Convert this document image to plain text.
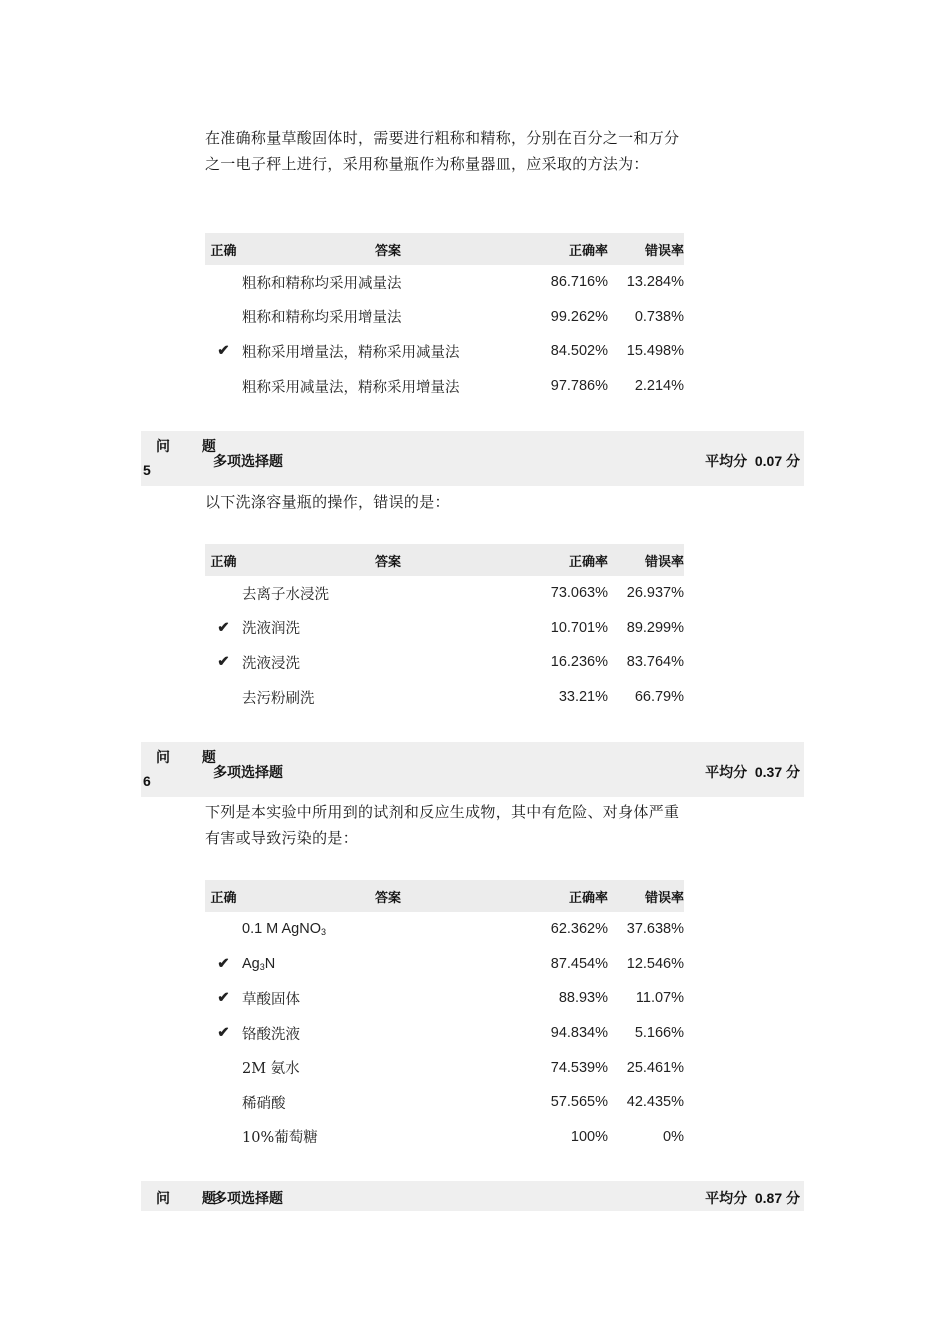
在准确称量草酸固体时，需要进行粗称和精称，分别在百分之一和万分之一电子秤上进行，采用称量瓶作为称量器皿，应采取的方法为：
正确	答案	正确率	错误率
	粗称和精称均采用减量法	86.716%	13.284%
	粗称和精称均采用增量法	99.262%	0.738%
✔	粗称采用增量法，精称采用减量法	84.502%	15.498%
	粗称采用减量法，精称采用增量法	97.786%	2.214%
问 题
5
多项选择题	平均分 0.07 分
以下洗涤容量瓶的操作，错误的是：
正确	答案	正确率	错误率
	去离子水浸洗	73.063%	26.937%
✔	洗液润洗	10.701%	89.299%
✔	洗液浸洗	16.236%	83.764%
	去污粉刷洗	33.21%	66.79%
问 题
6
多项选择题	平均分 0.37 分
下列是本实验中所用到的试剂和反应生成物，其中有危险、对身体严重有害或导致污染的是：
正确	答案	正确率	错误率
	0.1 M AgNO$_3$	62.362%	37.638%
✔	$Ag_3N$	87.454%	12.546%
✔	草酸固体	88.93%	11.07%
✔	铬酸洗液	94.834%	5.166%
	2M 氨水	74.539%	25.461%
	稀硝酸	57.565%	42.435%
	10%葡萄糖	100%	0%
问 题
多项选择题	平均分 0.87 分
